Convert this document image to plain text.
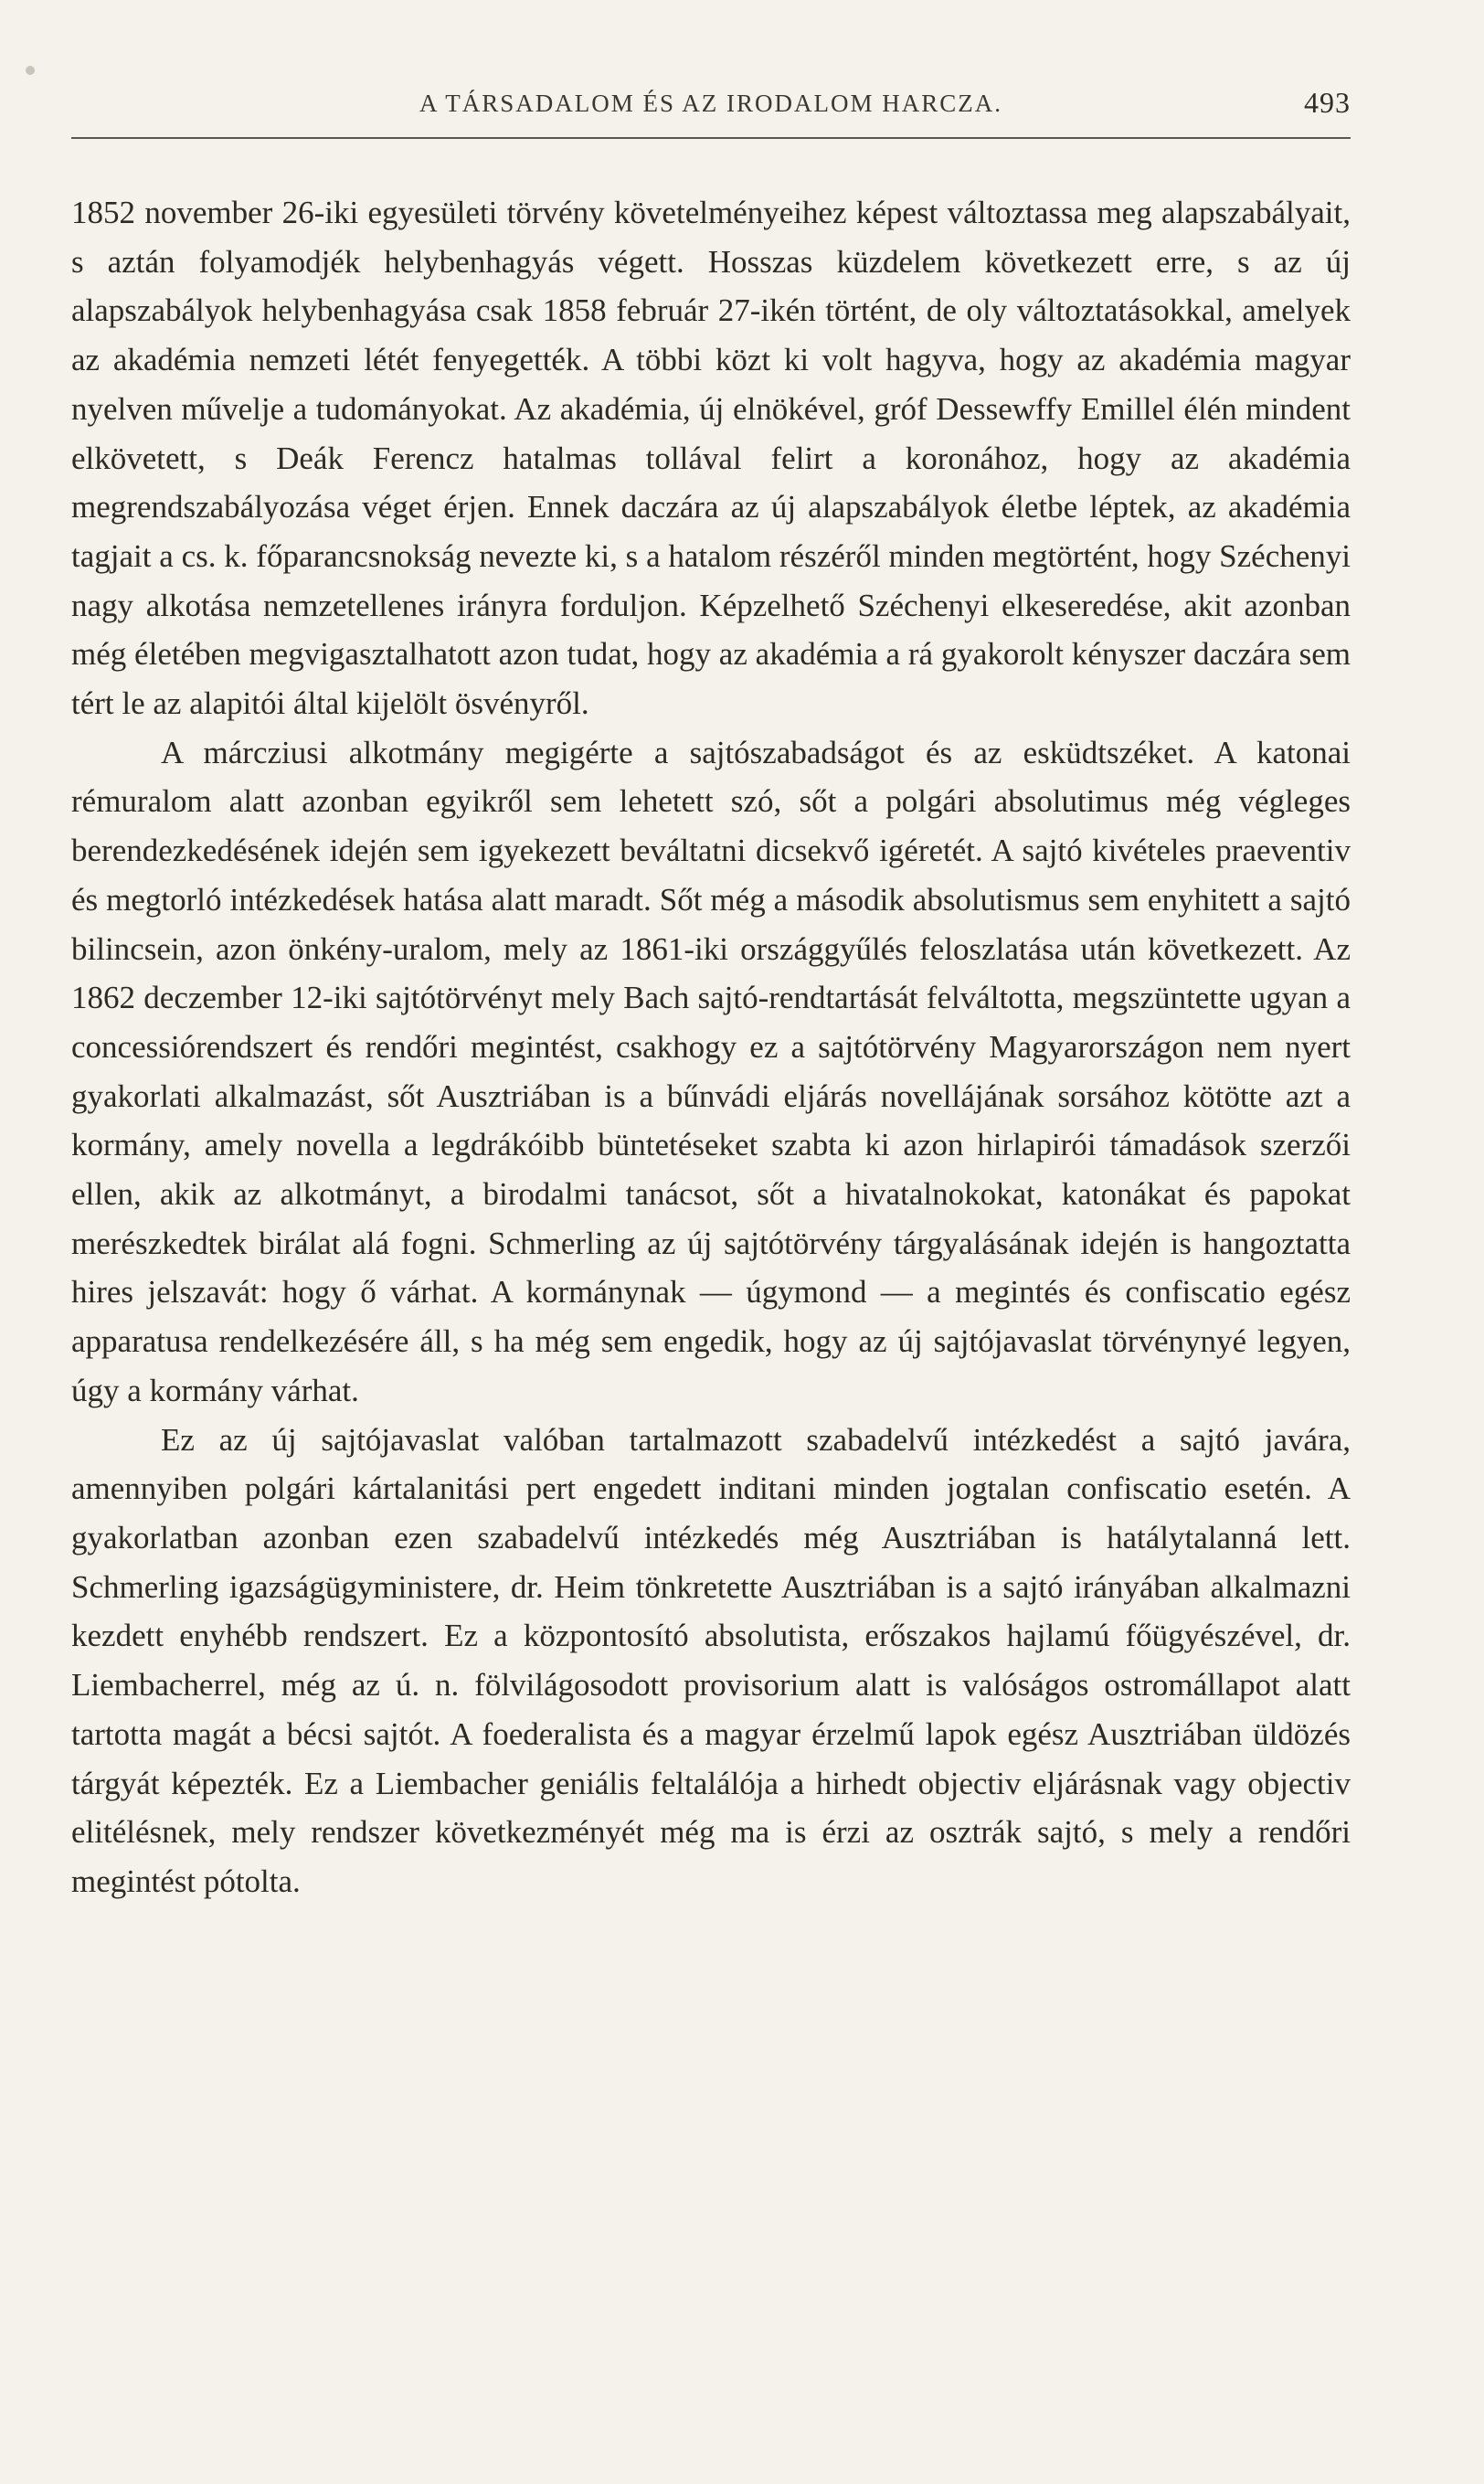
A TÁRSADALOM ÉS AZ IRODALOM HARCZA.	493

1852 november 26-iki egyesületi törvény követelményeihez képest változtassa meg alapszabályait, s aztán folyamodjék helybenhagyás végett. Hosszas küzdelem következett erre, s az új alapszabályok helybenhagyása csak 1858 február 27-ikén történt, de oly változtatásokkal, amelyek az akadémia nemzeti létét fenyegették. A többi közt ki volt hagyva, hogy az akadémia magyar nyelven művelje a tudományokat. Az akadémia, új elnökével, gróf Dessewffy Emillel élén mindent elkövetett, s Deák Ferencz hatalmas tollával felirt a koronához, hogy az akadémia megrendszabályozása véget érjen. Ennek daczára az új alapszabályok életbe léptek, az akadémia tagjait a cs. k. főparancsnokság nevezte ki, s a hatalom részéről minden megtörtént, hogy Széchenyi nagy alkotása nemzetellenes irányra forduljon. Képzelhető Széchenyi elkeseredése, akit azonban még életében megvigasztalhatott azon tudat, hogy az akadémia a rá gyakorolt kényszer daczára sem tért le az alapitói által kijelölt ösvényről.

A márcziusi alkotmány megigérte a sajtószabadságot és az esküdtszéket. A katonai rémuralom alatt azonban egyikről sem lehetett szó, sőt a polgári absolutimus még végleges berendezkedésének idején sem igyekezett beváltatni dicsekvő igéretét. A sajtó kivételes praeventiv és megtorló intézkedések hatása alatt maradt. Sőt még a második absolutismus sem enyhitett a sajtó bilincsein, azon önkény-uralom, mely az 1861-iki országgyűlés feloszlatása után következett. Az 1862 deczember 12-iki sajtótörvényt mely Bach sajtó-rendtartását felváltotta, megszüntette ugyan a concessiórendszert és rendőri megintést, csakhogy ez a sajtótörvény Magyarországon nem nyert gyakorlati alkalmazást, sőt Ausztriában is a bűnvádi eljárás novellájának sorsához kötötte azt a kormány, amely novella a legdrákóibb büntetéseket szabta ki azon hirlapirói támadások szerzői ellen, akik az alkotmányt, a birodalmi tanácsot, sőt a hivatalnokokat, katonákat és papokat merészkedtek birálat alá fogni. Schmerling az új sajtótörvény tárgyalásának idején is hangoztatta hires jelszavát: hogy ő várhat. A kormánynak — úgymond — a megintés és confiscatio egész apparatusa rendelkezésére áll, s ha még sem engedik, hogy az új sajtójavaslat törvénynyé legyen, úgy a kormány várhat.

Ez az új sajtójavaslat valóban tartalmazott szabadelvű intézkedést a sajtó javára, amennyiben polgári kártalanitási pert engedett inditani minden jogtalan confiscatio esetén. A gyakorlatban azonban ezen szabadelvű intézkedés még Ausztriában is hatálytalanná lett. Schmerling igazságügyministere, dr. Heim tönkretette Ausztriában is a sajtó irányában alkalmazni kezdett enyhébb rendszert. Ez a központosító absolutista, erőszakos hajlamú főügyészével, dr. Liembacherrel, még az ú. n. fölvilágosodott provisorium alatt is valóságos ostromállapot alatt tartotta magát a bécsi sajtót. A foederalista és a magyar érzelmű lapok egész Ausztriában üldözés tárgyát képezték. Ez a Liembacher geniális feltalálója a hirhedt objectiv eljárásnak vagy objectiv elitélésnek, mely rendszer következményét még ma is érzi az osztrák sajtó, s mely a rendőri megintést pótolta.
